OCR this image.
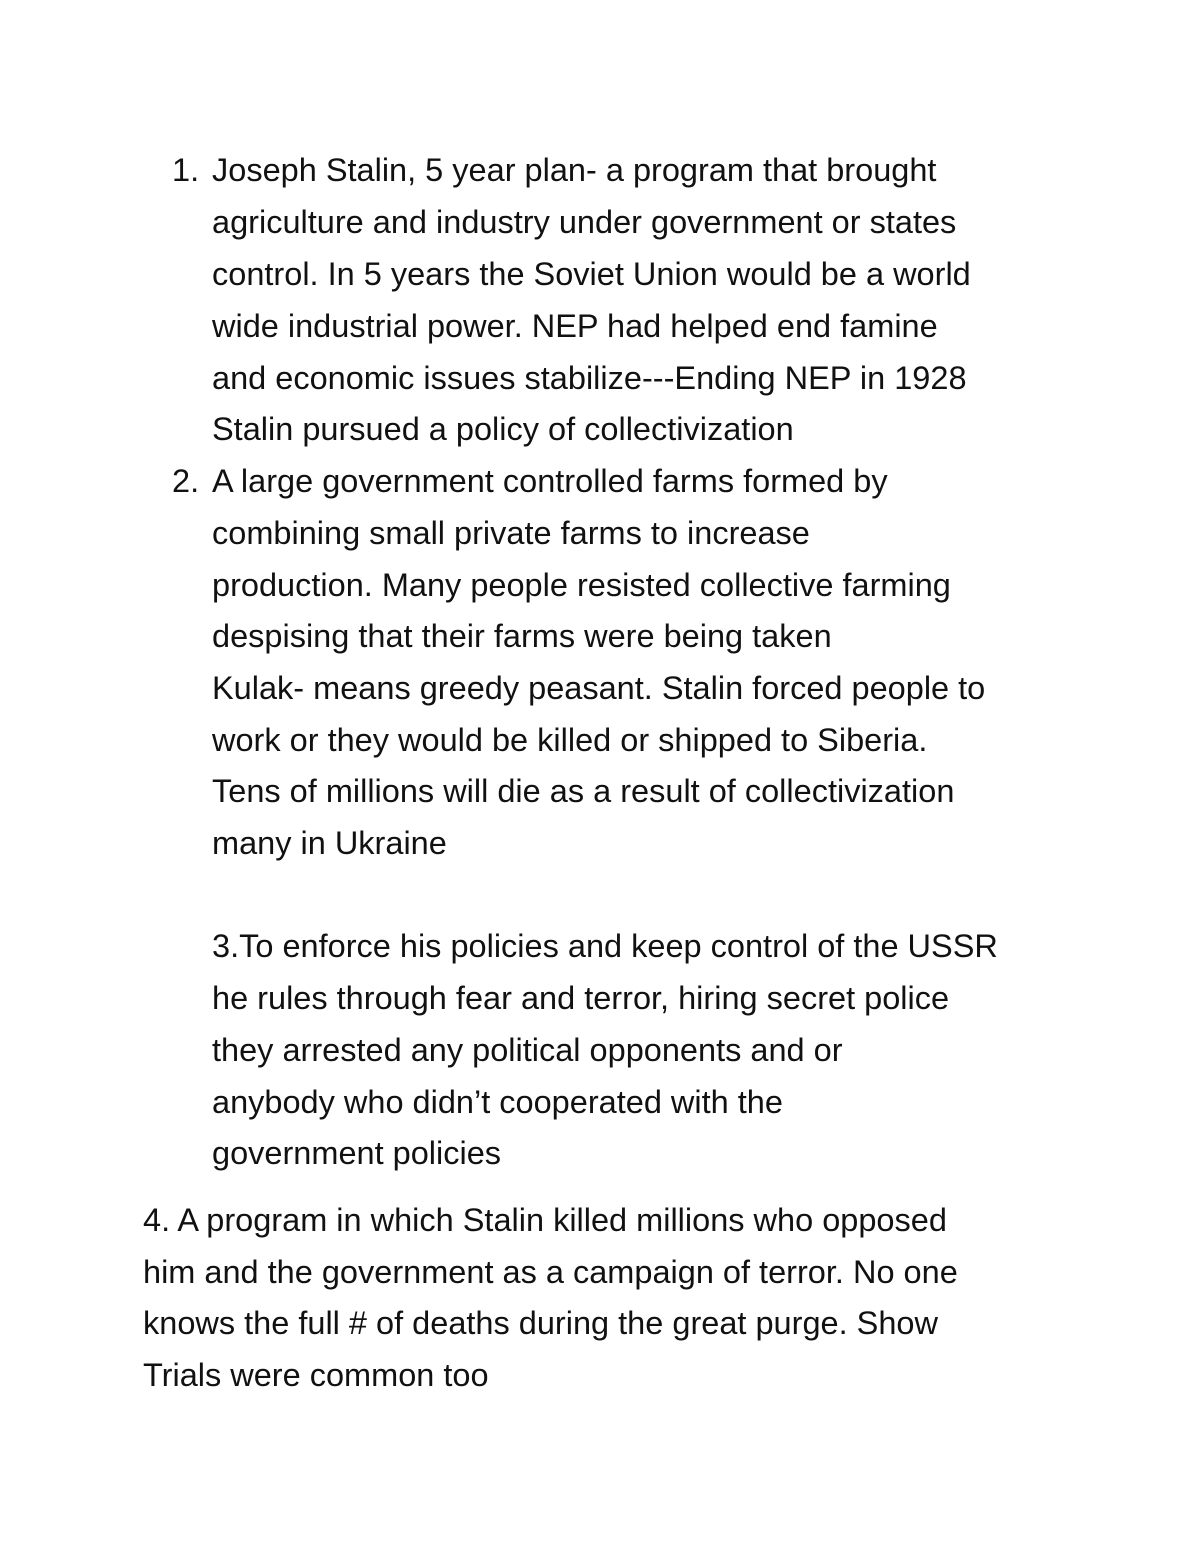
1. Joseph Stalin, 5 year plan- a program that brought
agriculture and industry under government or states
control. In 5 years the Soviet Union would be a world
wide industrial power. NEP had helped end famine
and economic issues stabilize---Ending NEP in 1928
Stalin pursued a policy of collectivization
2. A large government controlled farms formed by
combining small private farms to increase
production. Many people resisted collective farming
despising that their farms were being taken
Kulak- means greedy peasant. Stalin forced people to
work or they would be killed or shipped to Siberia.
Tens of millions will die as a result of collectivization
many in Ukraine
3.To enforce his policies and keep control of the USSR
he rules through fear and terror, hiring secret police
they arrested any political opponents and or
anybody who didn’t cooperated with the
government policies
4. A program in which Stalin killed millions who opposed
him and the government as a campaign of terror. No one
knows the full # of deaths during the great purge. Show
Trials were common too
